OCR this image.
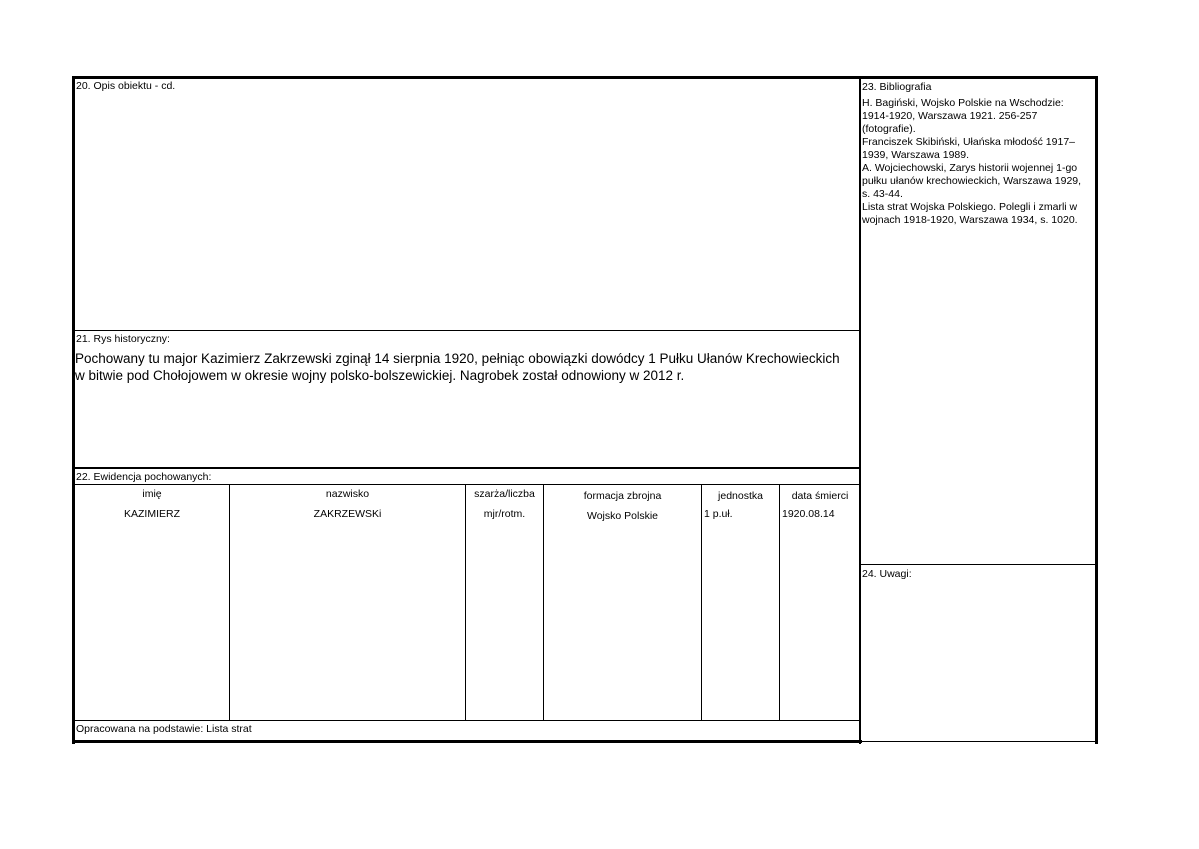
20. Opis obiektu - cd.
21. Rys historyczny:
Pochowany tu major Kazimierz Zakrzewski zginął 14 sierpnia 1920, pełniąc obowiązki dowódcy 1 Pułku Ułanów Krechowieckich w bitwie pod Chołojowem w okresie wojny polsko-bolszewickiej. Nagrobek został odnowiony w 2012 r.
22. Ewidencja pochowanych:
imię	nazwisko	szarża/liczba	formacja zbrojna	jednostka	data śmierci
KAZIMIERZ	ZAKRZEWSKi	mjr/rotm.	Wojsko Polskie	1 p.uł.	1920.08.14
Opracowana na podstawie: Lista strat
23. Bibliografia

H. Bagiński, Wojsko Polskie na Wschodzie: 1914-1920, Warszawa 1921. 256-257 (fotografie).

Franciszek Skibiński, Ułańska młodość 1917–1939, Warszawa 1989.

A. Wojciechowski, Zarys historii wojennej 1-go pułku ułanów krechowieckich, Warszawa 1929, s. 43-44.

Lista strat Wojska Polskiego. Polegli i zmarli w wojnach 1918-1920, Warszawa 1934, s. 1020.

24. Uwagi:
